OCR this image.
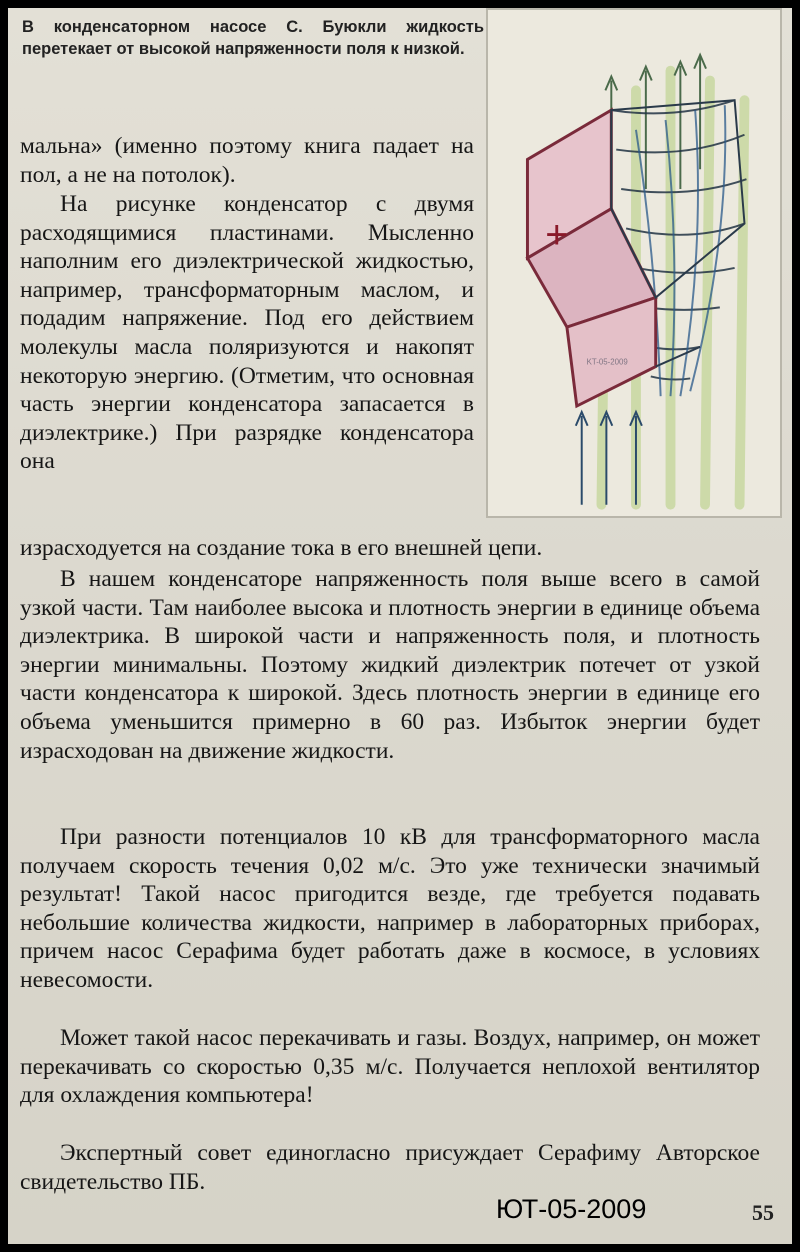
В конденсаторном насосе С. Буюкли жидкость перетекает от высокой напряженности поля к низкой.
+
KT-05-2009

мальна» (именно поэтому книга падает на пол, а не на потолок).

На рисунке конденсатор с двумя расходящимися пластинами. Мысленно наполним его диэлектрической жидкостью, например, трансформаторным маслом, и подадим напряжение. Под его действием молекулы масла поляризуются и накопят некоторую энергию. (Отметим, что основная часть энергии конденсатора запасается в диэлектрике.) При разрядке конденсатора она

израсходуется на создание тока в его внешней цепи.

В нашем конденсаторе напряженность поля выше всего в самой узкой части. Там наиболее высока и плотность энергии в единице объема диэлектрика. В широкой части и напряженность поля, и плотность энергии минимальны. Поэтому жидкий диэлектрик потечет от узкой части конденсатора к широкой. Здесь плотность энергии в единице его объема уменьшится примерно в 60 раз. Избыток энергии будет израсходован на движение жидкости.

При разности потенциалов 10 кВ для трансформаторного масла получаем скорость течения 0,02 м/с. Это уже технически значимый результат! Такой насос пригодится везде, где требуется подавать небольшие количества жидкости, например в лабораторных приборах, причем насос Серафима будет работать даже в космосе, в условиях невесомости.

Может такой насос перекачивать и газы. Воздух, например, он может перекачивать со скоростью 0,35 м/с. Получается неплохой вентилятор для охлаждения компьютера!

Экспертный совет единогласно присуждает Серафиму Авторское свидетельство ПБ.

ЮТ-05-2009	55
